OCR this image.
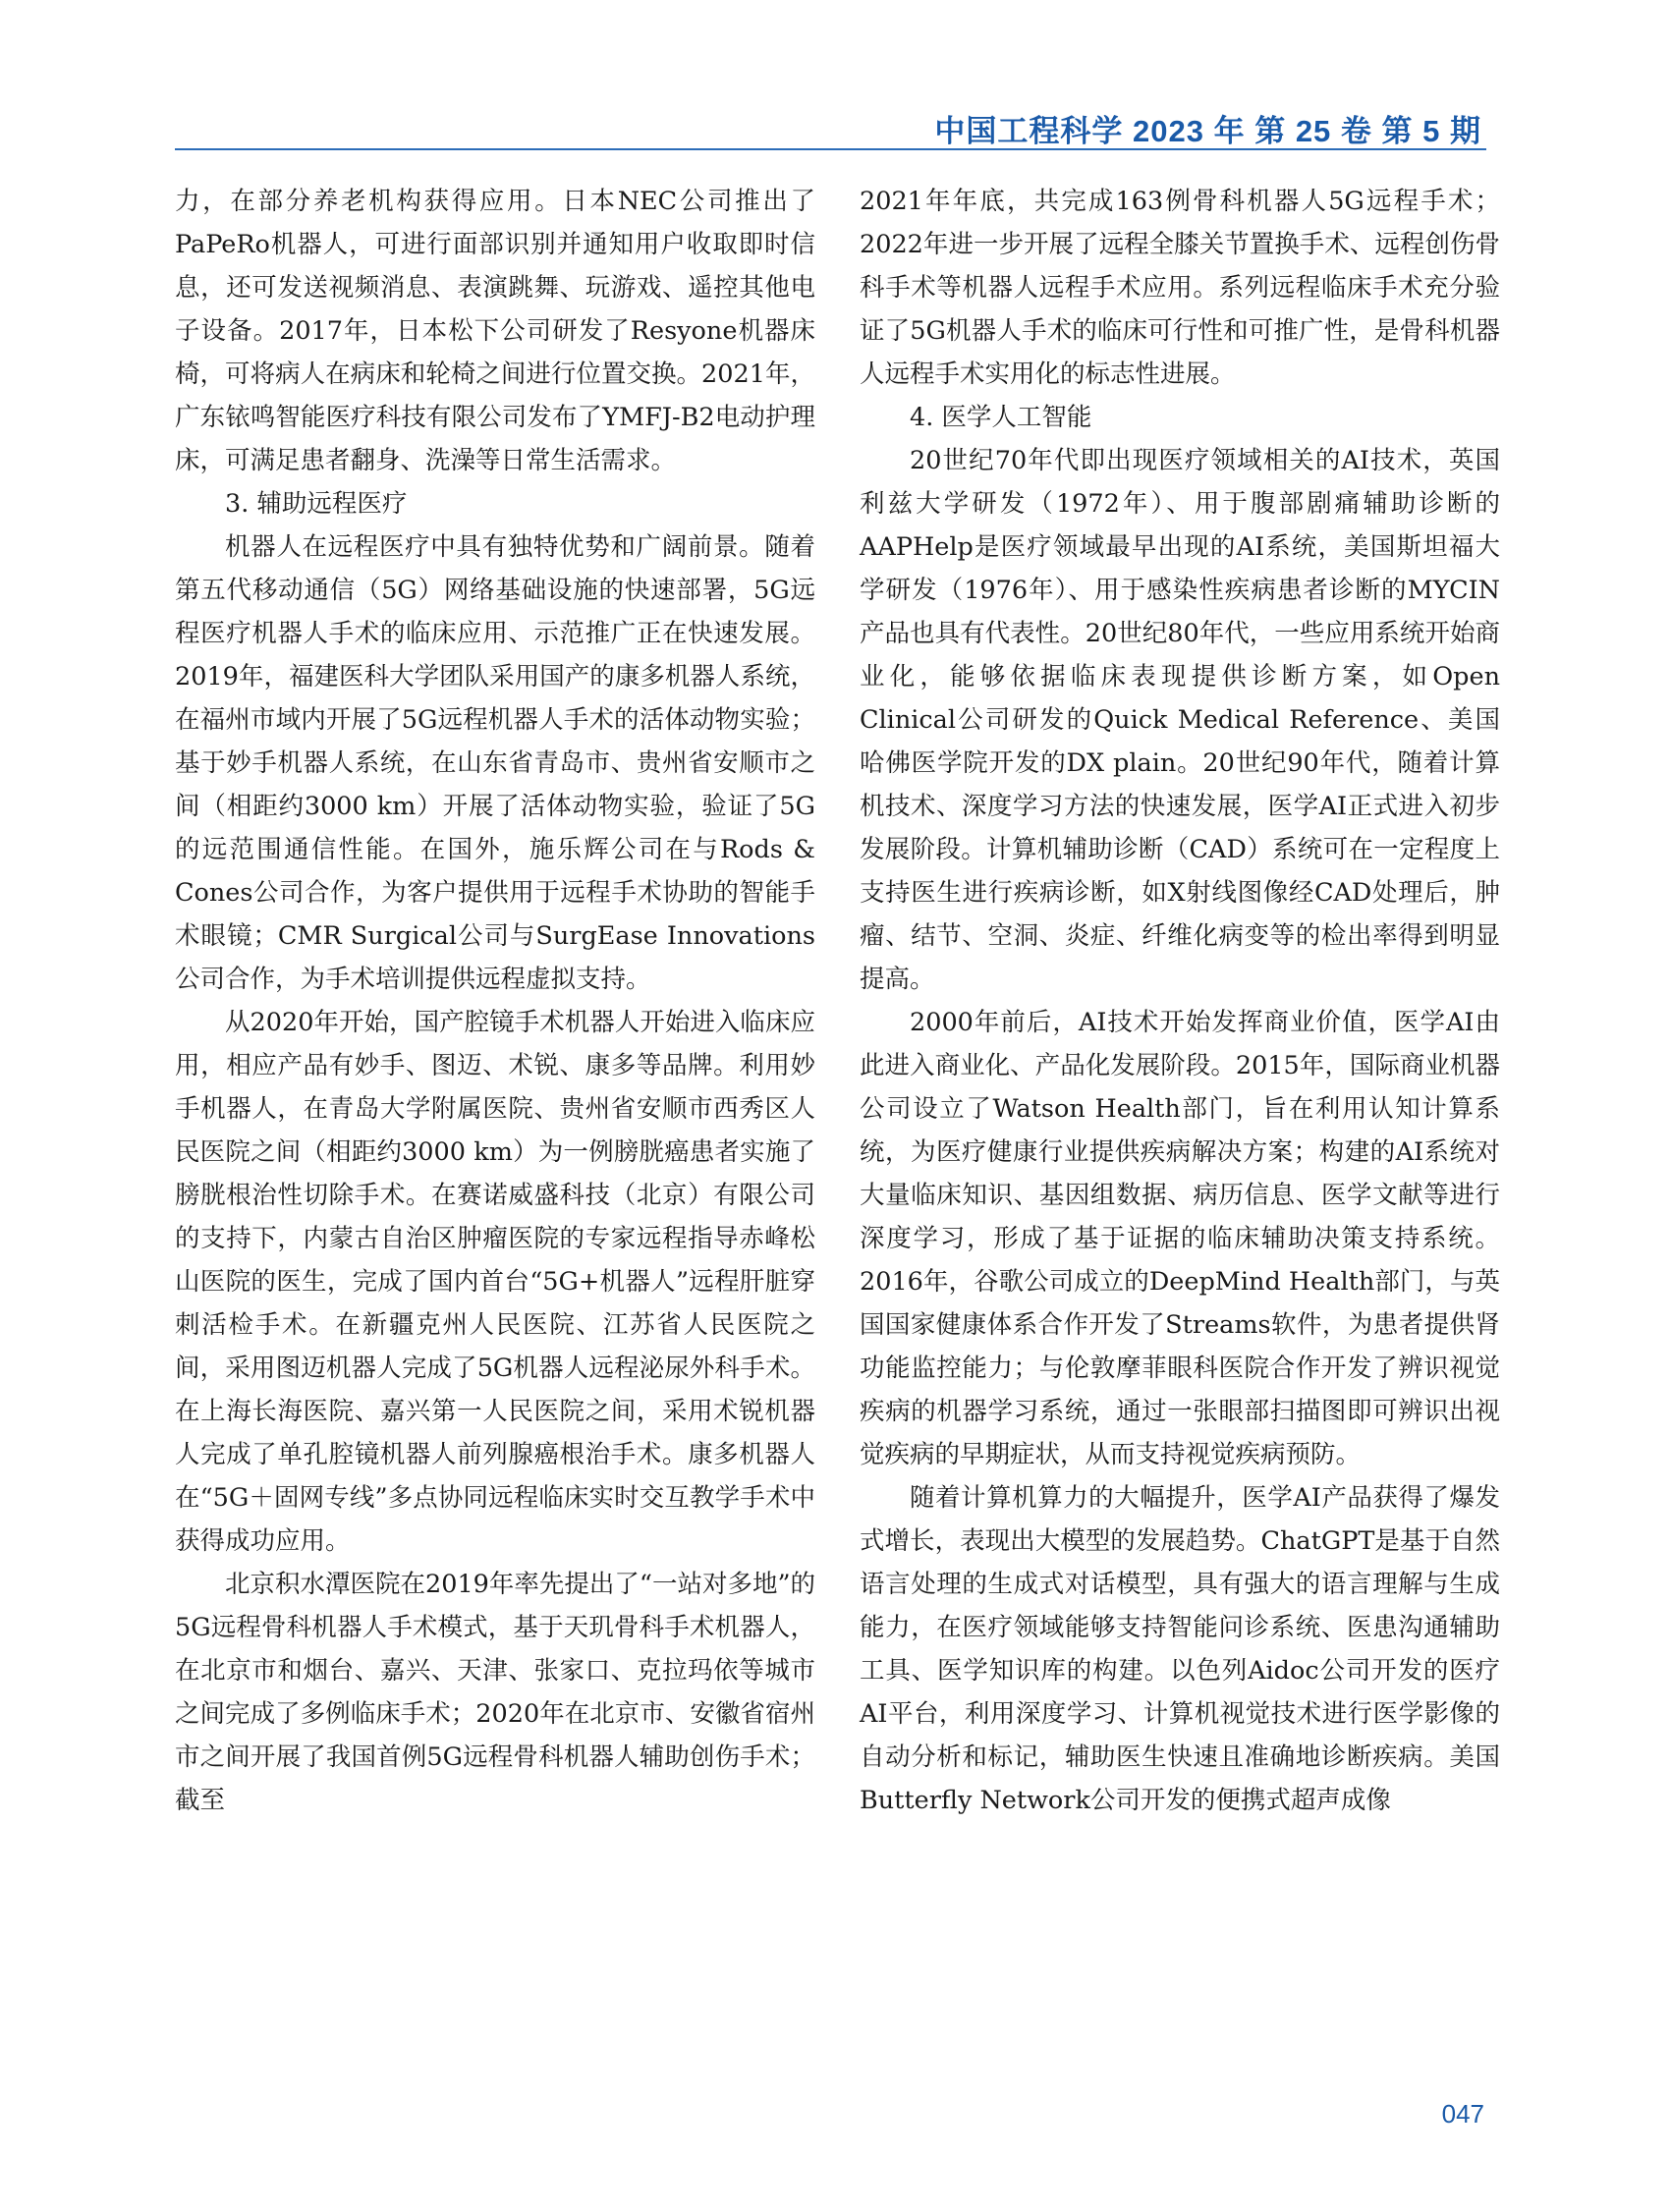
中国工程科学 2023 年 第 25 卷 第 5 期

力，在部分养老机构获得应用。日本NEC公司推出了PaPeRo机器人，可进行面部识别并通知用户收取即时信息，还可发送视频消息、表演跳舞、玩游戏、遥控其他电子设备。2017年，日本松下公司研发了Resyone机器床椅，可将病人在病床和轮椅之间进行位置交换。2021年，广东铱鸣智能医疗科技有限公司发布了YMFJ-B2电动护理床，可满足患者翻身、洗澡等日常生活需求。

3. 辅助远程医疗

机器人在远程医疗中具有独特优势和广阔前景。随着第五代移动通信（5G）网络基础设施的快速部署，5G远程医疗机器人手术的临床应用、示范推广正在快速发展。2019年，福建医科大学团队采用国产的康多机器人系统，在福州市域内开展了5G远程机器人手术的活体动物实验；基于妙手机器人系统，在山东省青岛市、贵州省安顺市之间（相距约3000 km）开展了活体动物实验，验证了5G的远范围通信性能。在国外，施乐辉公司在与Rods & Cones公司合作，为客户提供用于远程手术协助的智能手术眼镜；CMR Surgical公司与SurgEase Innovations公司合作，为手术培训提供远程虚拟支持。

从2020年开始，国产腔镜手术机器人开始进入临床应用，相应产品有妙手、图迈、术锐、康多等品牌。利用妙手机器人，在青岛大学附属医院、贵州省安顺市西秀区人民医院之间（相距约3000 km）为一例膀胱癌患者实施了膀胱根治性切除手术。在赛诺威盛科技（北京）有限公司的支持下，内蒙古自治区肿瘤医院的专家远程指导赤峰松山医院的医生，完成了国内首台“5G+机器人”远程肝脏穿刺活检手术。在新疆克州人民医院、江苏省人民医院之间，采用图迈机器人完成了5G机器人远程泌尿外科手术。在上海长海医院、嘉兴第一人民医院之间，采用术锐机器人完成了单孔腔镜机器人前列腺癌根治手术。康多机器人在“5G＋固网专线”多点协同远程临床实时交互教学手术中获得成功应用。

北京积水潭医院在2019年率先提出了“一站对多地”的5G远程骨科机器人手术模式，基于天玑骨科手术机器人，在北京市和烟台、嘉兴、天津、张家口、克拉玛依等城市之间完成了多例临床手术；2020年在北京市、安徽省宿州市之间开展了我国首例5G远程骨科机器人辅助创伤手术；截至

2021年年底，共完成163例骨科机器人5G远程手术；2022年进一步开展了远程全膝关节置换手术、远程创伤骨科手术等机器人远程手术应用。系列远程临床手术充分验证了5G机器人手术的临床可行性和可推广性，是骨科机器人远程手术实用化的标志性进展。

4. 医学人工智能

20世纪70年代即出现医疗领域相关的AI技术，英国利兹大学研发（1972年）、用于腹部剧痛辅助诊断的AAPHelp是医疗领域最早出现的AI系统，美国斯坦福大学研发（1976年）、用于感染性疾病患者诊断的MYCIN产品也具有代表性。20世纪80年代，一些应用系统开始商业化，能够依据临床表现提供诊断方案，如Open Clinical公司研发的Quick Medical Reference、美国哈佛医学院开发的DX plain。20世纪90年代，随着计算机技术、深度学习方法的快速发展，医学AI正式进入初步发展阶段。计算机辅助诊断（CAD）系统可在一定程度上支持医生进行疾病诊断，如X射线图像经CAD处理后，肿瘤、结节、空洞、炎症、纤维化病变等的检出率得到明显提高。

2000年前后，AI技术开始发挥商业价值，医学AI由此进入商业化、产品化发展阶段。2015年，国际商业机器公司设立了Watson Health部门，旨在利用认知计算系统，为医疗健康行业提供疾病解决方案；构建的AI系统对大量临床知识、基因组数据、病历信息、医学文献等进行深度学习，形成了基于证据的临床辅助决策支持系统。2016年，谷歌公司成立的DeepMind Health部门，与英国国家健康体系合作开发了Streams软件，为患者提供肾功能监控能力；与伦敦摩菲眼科医院合作开发了辨识视觉疾病的机器学习系统，通过一张眼部扫描图即可辨识出视觉疾病的早期症状，从而支持视觉疾病预防。

随着计算机算力的大幅提升，医学AI产品获得了爆发式增长，表现出大模型的发展趋势。ChatGPT是基于自然语言处理的生成式对话模型，具有强大的语言理解与生成能力，在医疗领域能够支持智能问诊系统、医患沟通辅助工具、医学知识库的构建。以色列Aidoc公司开发的医疗AI平台，利用深度学习、计算机视觉技术进行医学影像的自动分析和标记，辅助医生快速且准确地诊断疾病。美国Butterfly Network公司开发的便携式超声成像

047
